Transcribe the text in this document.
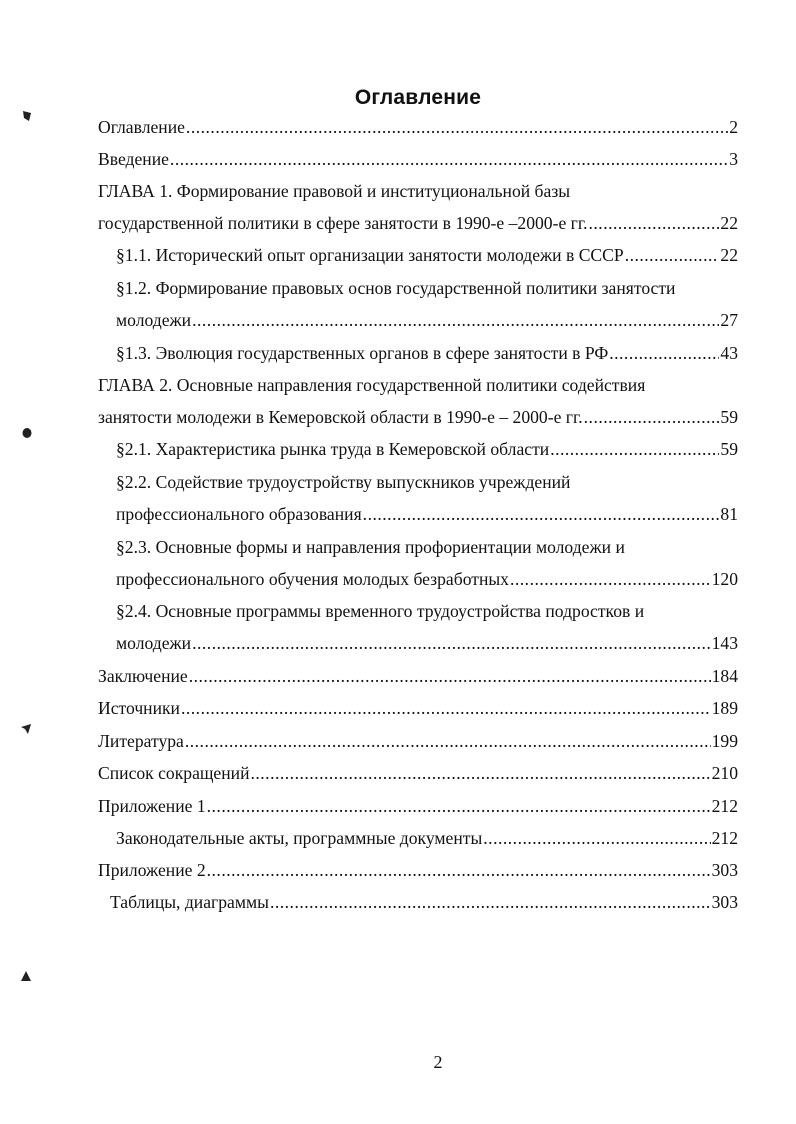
Оглавление
Оглавление .....	2
Введение .....	3
ГЛАВА 1. Формирование правовой и институциональной базы
государственной политики в сфере занятости в 1990-е –2000-е гг. .....	22
§1.1. Исторический опыт организации занятости молодежи в СССР .....	22
§1.2. Формирование правовых основ государственной политики занятости
молодежи .....	27
§1.3. Эволюция государственных органов в сфере занятости в РФ .....	43
ГЛАВА 2. Основные направления государственной политики содействия
занятости молодежи в Кемеровской области в 1990-е – 2000-е гг. .....	59
§2.1. Характеристика рынка труда в Кемеровской области .....	59
§2.2. Содействие трудоустройству выпускников учреждений
профессионального образования .....	81
§2.3. Основные формы и направления профориентации молодежи и
профессионального обучения молодых безработных .....	120
§2.4. Основные программы временного трудоустройства подростков и
молодежи .....	143
Заключение .....	184
Источники .....	189
Литература .....	199
Список сокращений .....	210
Приложение 1 .....	212
Законодательные акты, программные документы .....	212
Приложение 2 .....	303
Таблицы, диаграммы .....	303
2
